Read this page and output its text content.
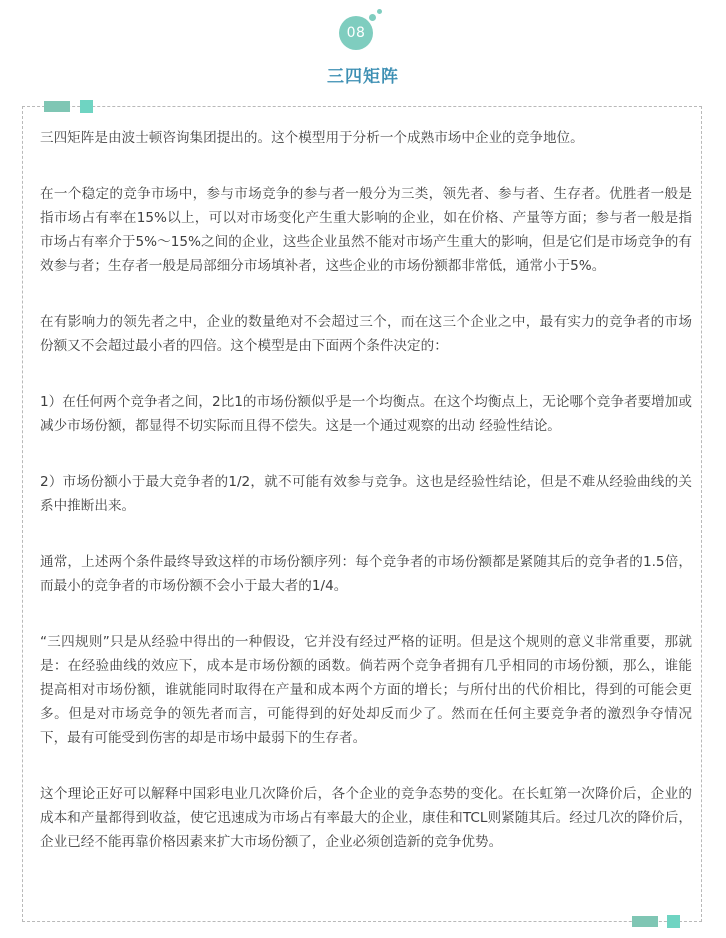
08
三四矩阵

三四矩阵是由波士顿咨询集团提出的。这个模型用于分析一个成熟市场中企业的竞争地位。

在一个稳定的竞争市场中，参与市场竞争的参与者一般分为三类，领先者、参与者、生存者。优胜者一般是指市场占有率在15%以上，可以对市场变化产生重大影响的企业，如在价格、产量等方面；参与者一般是指市场占有率介于5%～15%之间的企业，这些企业虽然不能对市场产生重大的影响，但是它们是市场竞争的有效参与者；生存者一般是局部细分市场填补者，这些企业的市场份额都非常低，通常小于5%。

在有影响力的领先者之中，企业的数量绝对不会超过三个，而在这三个企业之中，最有实力的竞争者的市场份额又不会超过最小者的四倍。这个模型是由下面两个条件决定的：

1）在任何两个竞争者之间，2比1的市场份额似乎是一个均衡点。在这个均衡点上，无论哪个竞争者要增加或减少市场份额，都显得不切实际而且得不偿失。这是一个通过观察的出动 经验性结论。

2）市场份额小于最大竞争者的1/2，就不可能有效参与竞争。这也是经验性结论，但是不难从经验曲线的关系中推断出来。

通常，上述两个条件最终导致这样的市场份额序列：每个竞争者的市场份额都是紧随其后的竞争者的1.5倍，而最小的竞争者的市场份额不会小于最大者的1/4。

“三四规则”只是从经验中得出的一种假设，它并没有经过严格的证明。但是这个规则的意义非常重要，那就是：在经验曲线的效应下，成本是市场份额的函数。倘若两个竞争者拥有几乎相同的市场份额，那么，谁能提高相对市场份额，谁就能同时取得在产量和成本两个方面的增长；与所付出的代价相比，得到的可能会更多。但是对市场竞争的领先者而言，可能得到的好处却反而少了。然而在任何主要竞争者的激烈争夺情况下，最有可能受到伤害的却是市场中最弱下的生存者。

这个理论正好可以解释中国彩电业几次降价后，各个企业的竞争态势的变化。在长虹第一次降价后，企业的成本和产量都得到收益，使它迅速成为市场占有率最大的企业，康佳和TCL则紧随其后。经过几次的降价后，企业已经不能再靠价格因素来扩大市场份额了，企业必须创造新的竞争优势。
